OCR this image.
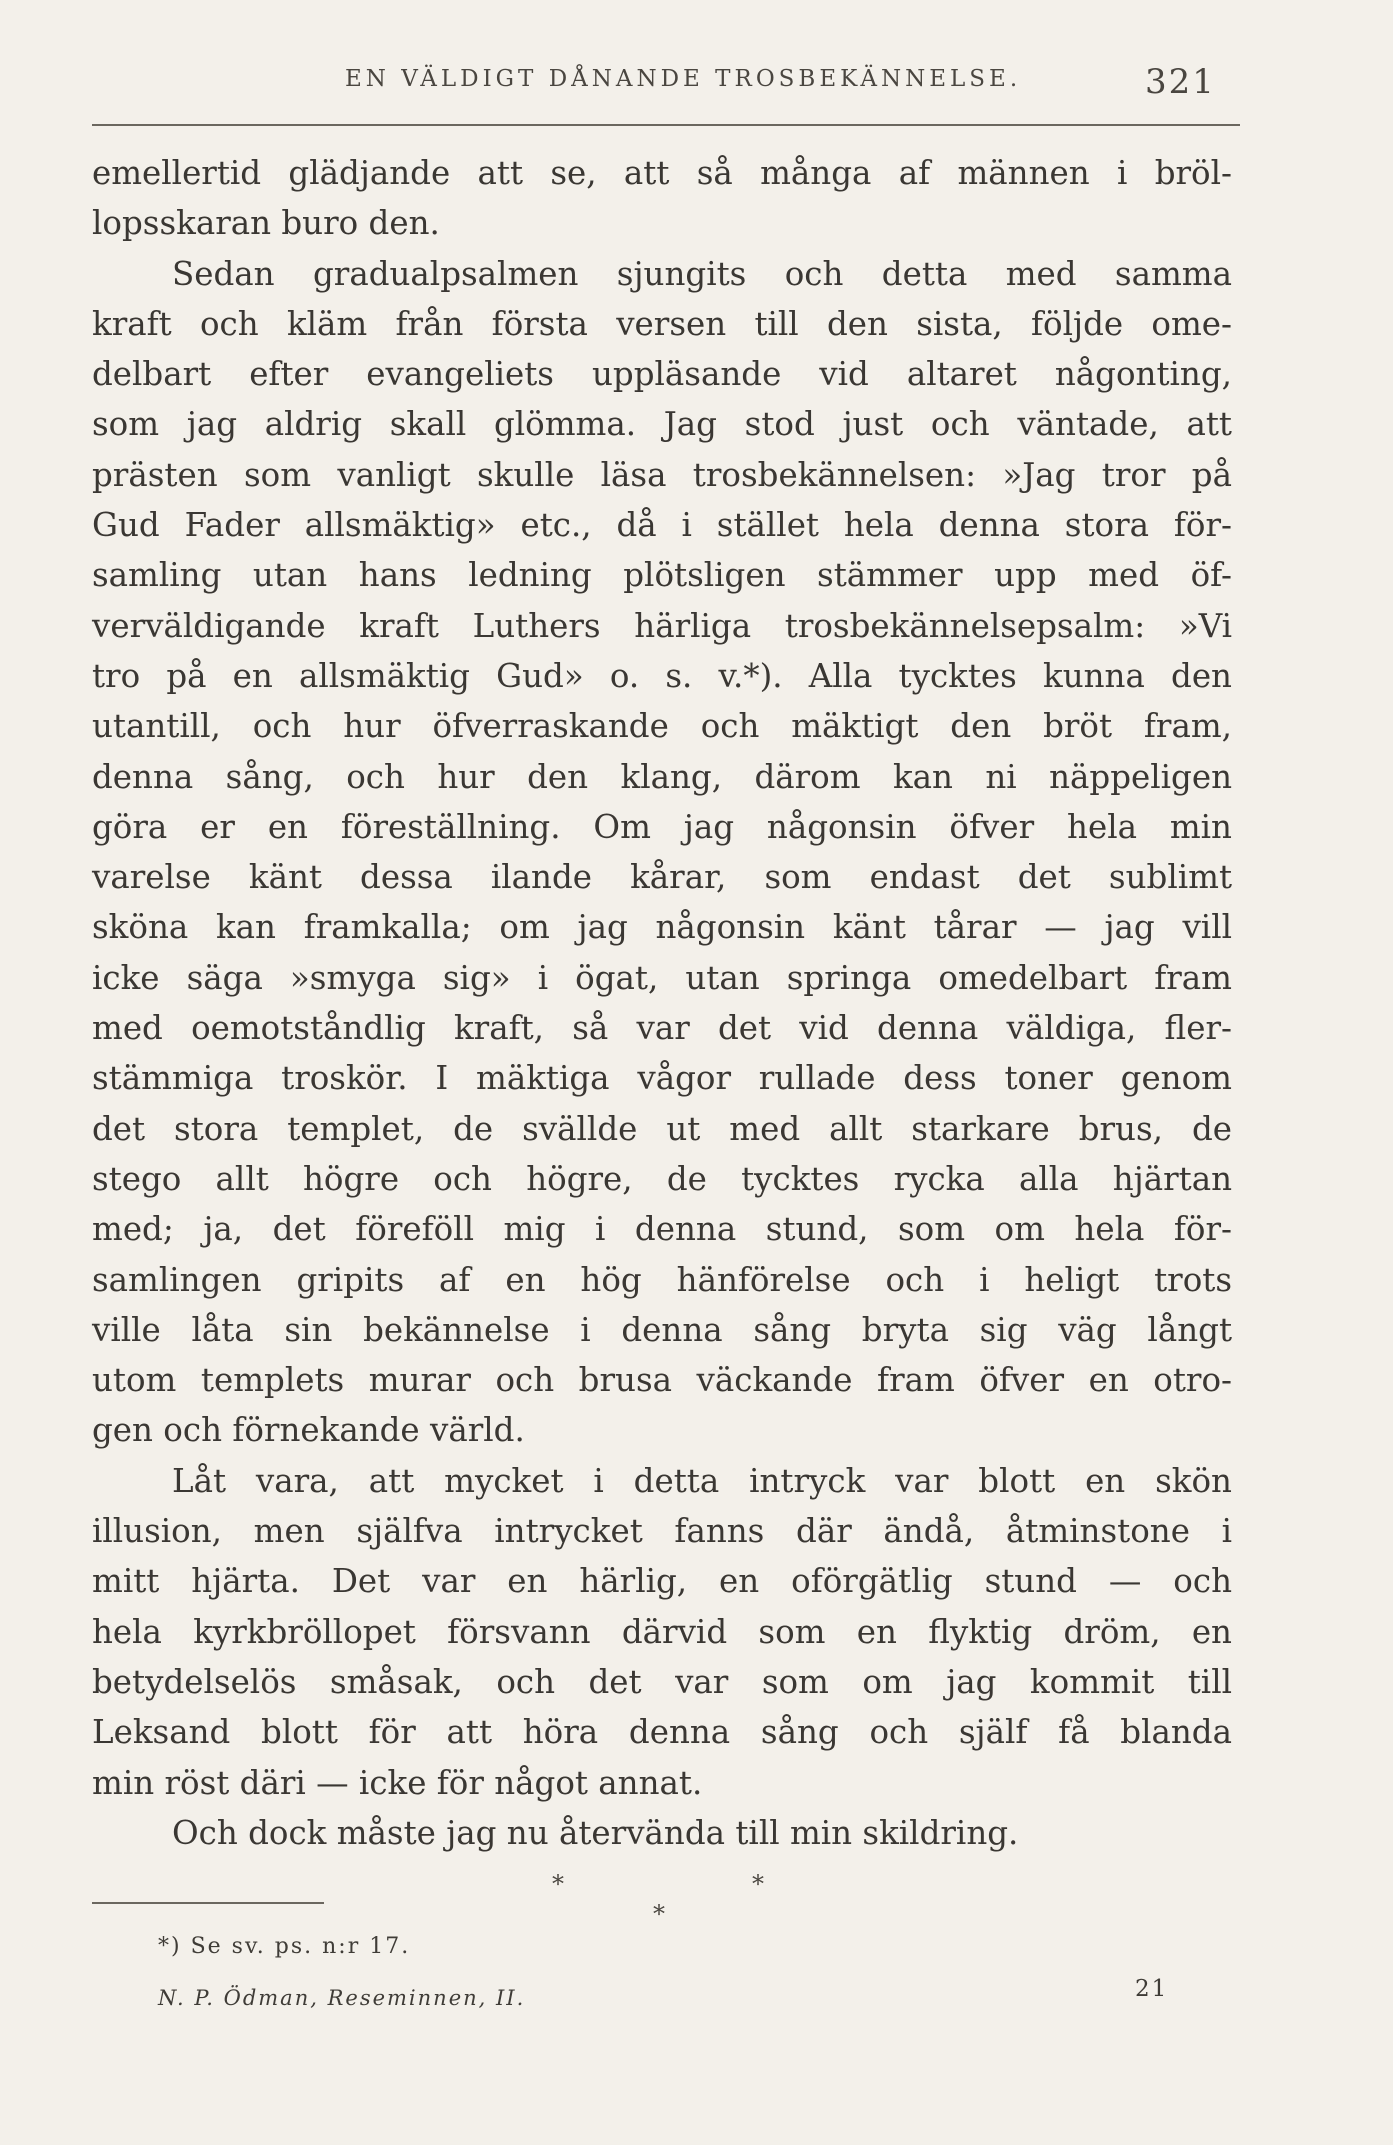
EN VÄLDIGT DÅNANDE TROSBEKÄNNELSE.	321
emellertid glädjande att se, att så många af männen i bröl-
lopsskaran buro den.
Sedan gradualpsalmen sjungits och detta med samma
kraft och kläm från första versen till den sista, följde ome-
delbart efter evangeliets uppläsande vid altaret någonting,
som jag aldrig skall glömma. Jag stod just och väntade, att
prästen som vanligt skulle läsa trosbekännelsen: »Jag tror på
Gud Fader allsmäktig» etc., då i stället hela denna stora för-
samling utan hans ledning plötsligen stämmer upp med öf-
verväldigande kraft Luthers härliga trosbekännelsepsalm: »Vi
tro på en allsmäktig Gud» o. s. v.*). Alla tycktes kunna den
utantill, och hur öfverraskande och mäktigt den bröt fram,
denna sång, och hur den klang, därom kan ni näppeligen
göra er en föreställning. Om jag någonsin öfver hela min
varelse känt dessa ilande kårar, som endast det sublimt
sköna kan framkalla; om jag någonsin känt tårar — jag vill
icke säga »smyga sig» i ögat, utan springa omedelbart fram
med oemotståndlig kraft, så var det vid denna väldiga, fler-
stämmiga troskör. I mäktiga vågor rullade dess toner genom
det stora templet, de svällde ut med allt starkare brus, de
stego allt högre och högre, de tycktes rycka alla hjärtan
med; ja, det föreföll mig i denna stund, som om hela för-
samlingen gripits af en hög hänförelse och i heligt trots
ville låta sin bekännelse i denna sång bryta sig väg långt
utom templets murar och brusa väckande fram öfver en otro-
gen och förnekande värld.
Låt vara, att mycket i detta intryck var blott en skön
illusion, men själfva intrycket fanns där ändå, åtminstone i
mitt hjärta. Det var en härlig, en oförgätlig stund — och
hela kyrkbröllopet försvann därvid som en flyktig dröm, en
betydelselös småsak, och det var som om jag kommit till
Leksand blott för att höra denna sång och själf få blanda
min röst däri — icke för något annat.
Och dock måste jag nu återvända till min skildring.
*	*
*
*) Se sv. ps. n:r 17.
N. P. Ödman, Reseminnen, II.	21
